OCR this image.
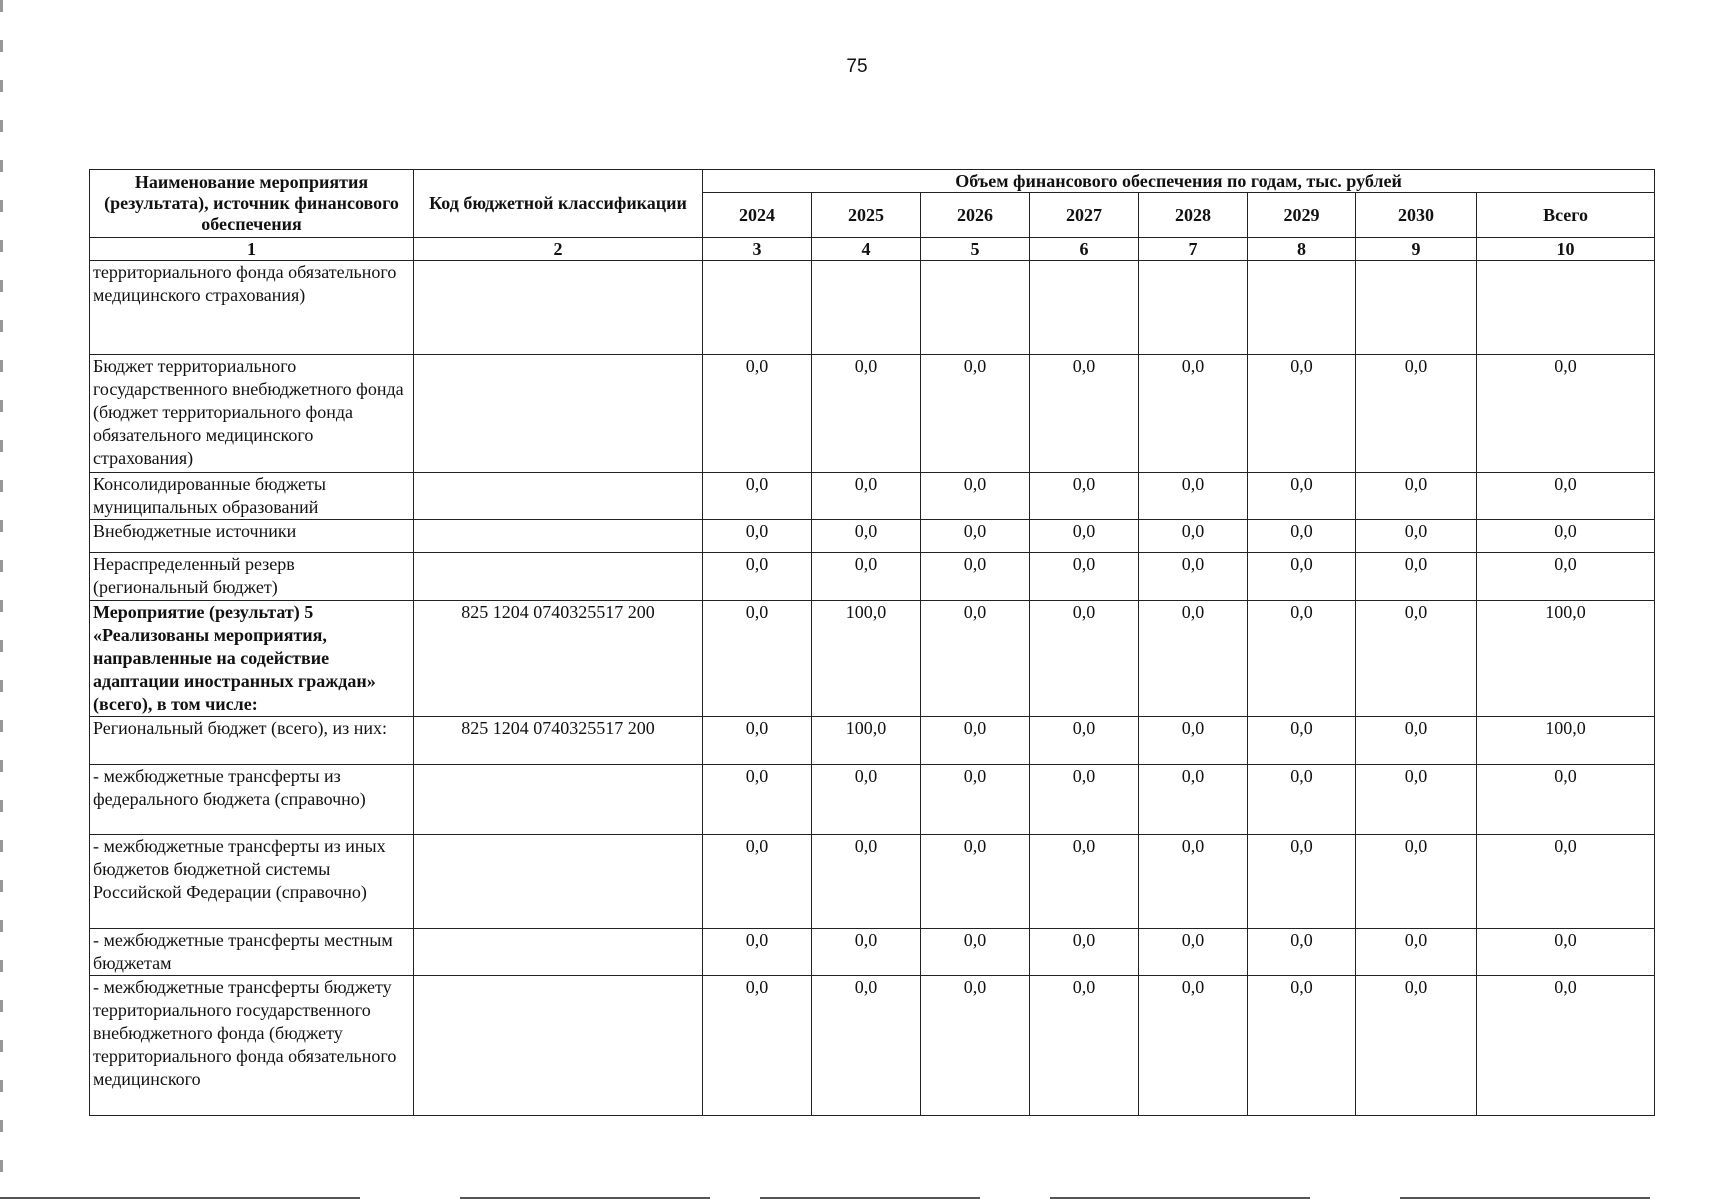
75
Наименование мероприятия (результата), источник финансового обеспечения	Код бюджетной классификации	Объем финансового обеспечения по годам, тыс. рублей							
		2024	2025	2026	2027	2028	2029	2030	Всего
1	2	3	4	5	6	7	8	9	10
территориального фонда обязательного медицинского страхования)									
Бюджет территориального государственного внебюджетного фонда (бюджет территориального фонда обязательного медицинского страхования)		0,0	0,0	0,0	0,0	0,0	0,0	0,0	0,0
Консолидированные бюджеты муниципальных образований		0,0	0,0	0,0	0,0	0,0	0,0	0,0	0,0
Внебюджетные источники		0,0	0,0	0,0	0,0	0,0	0,0	0,0	0,0
Нераспределенный резерв (региональный бюджет)		0,0	0,0	0,0	0,0	0,0	0,0	0,0	0,0
Мероприятие (результат) 5 «Реализованы мероприятия, направленные на содействие адаптации иностранных граждан» (всего), в том числе:	825 1204 0740325517 200	0,0	100,0	0,0	0,0	0,0	0,0	0,0	100,0
Региональный бюджет (всего), из них:	825 1204 0740325517 200	0,0	100,0	0,0	0,0	0,0	0,0	0,0	100,0
- межбюджетные трансферты из федерального бюджета (справочно)		0,0	0,0	0,0	0,0	0,0	0,0	0,0	0,0
- межбюджетные трансферты из иных бюджетов бюджетной системы Российской Федерации (справочно)		0,0	0,0	0,0	0,0	0,0	0,0	0,0	0,0
- межбюджетные трансферты местным бюджетам		0,0	0,0	0,0	0,0	0,0	0,0	0,0	0,0
- межбюджетные трансферты бюджету территориального государственного внебюджетного фонда (бюджету территориального фонда обязательного медицинского		0,0	0,0	0,0	0,0	0,0	0,0	0,0	0,0
